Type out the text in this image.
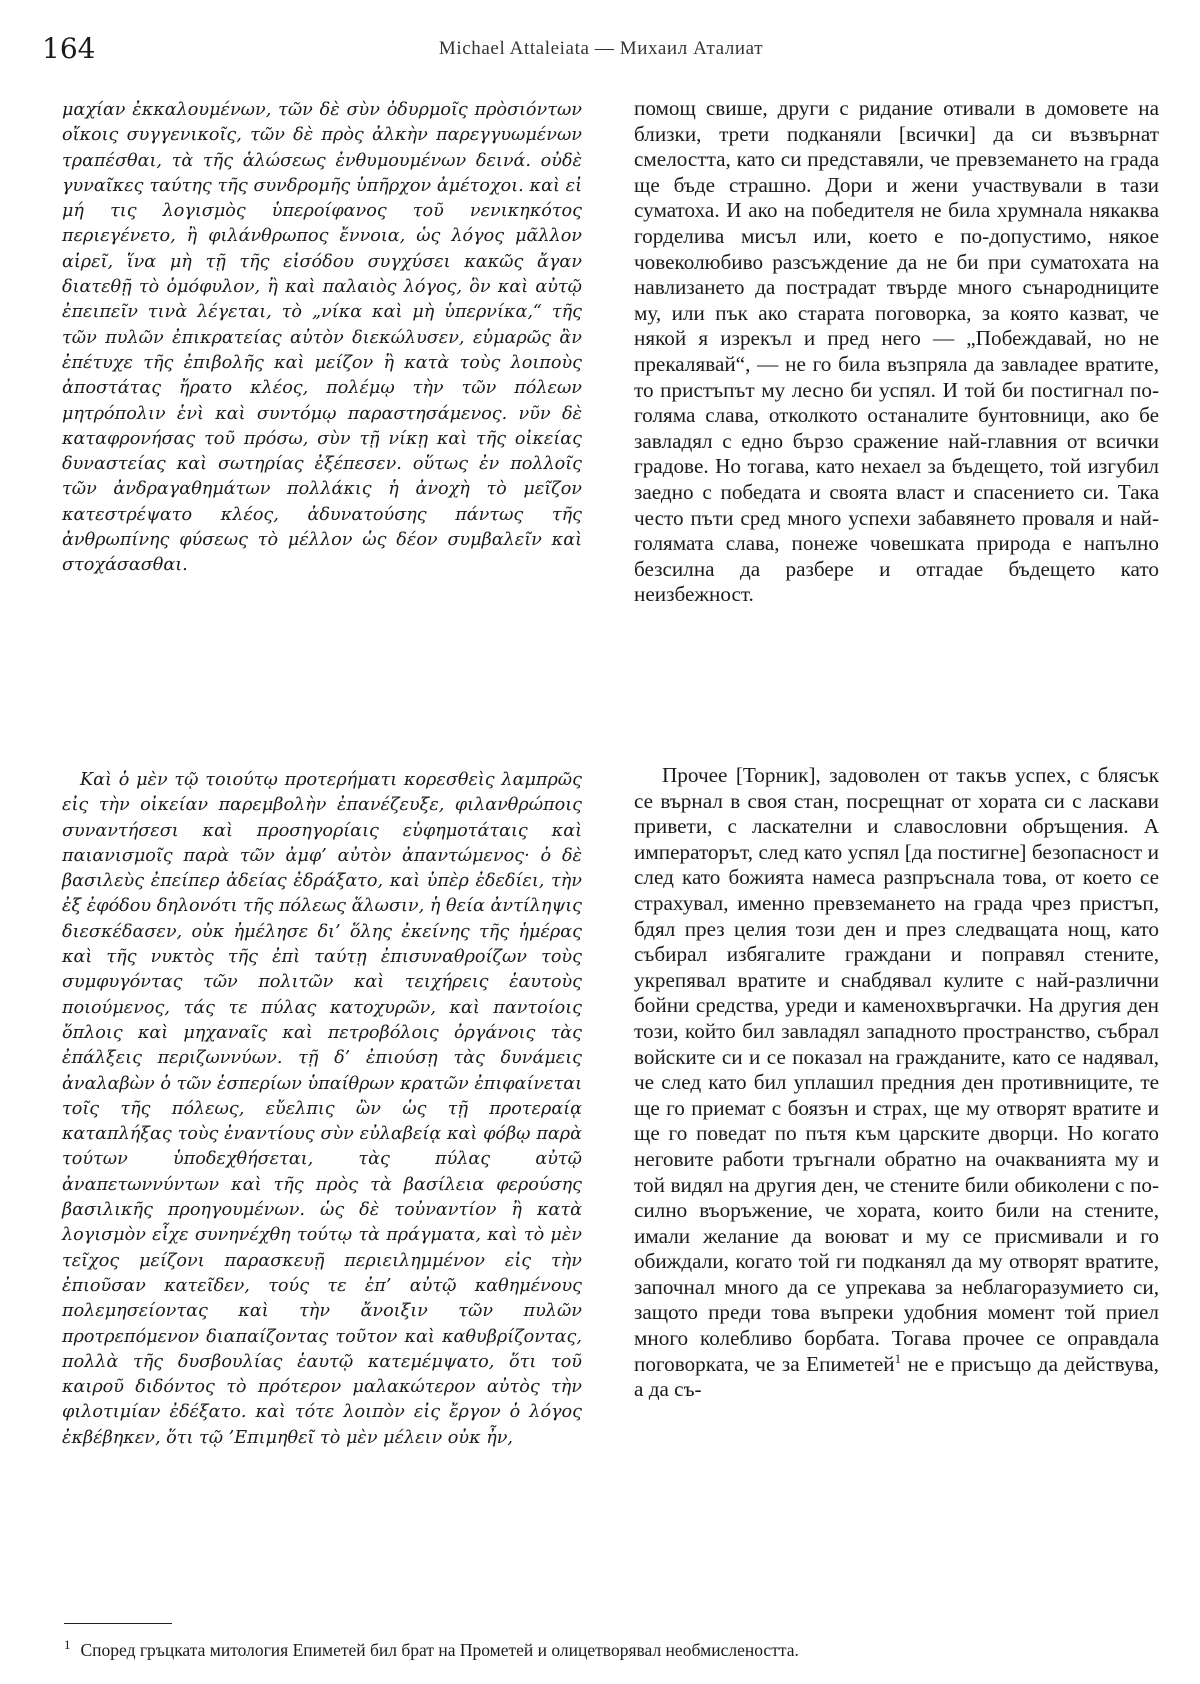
164	Michael Attaleiata — Михаил Аталиат

μαχίαν ἐκκαλουμένων, τῶν δὲ σὺν ὀδυρμοῖς πρὸσιόντων οἴκοις συγγενικοῖς, τῶν δὲ πρὸς ἀλκὴν παρεγγυωμένων τραπέσθαι, τὰ τῆς ἁλώσεως ἐνθυμουμένων δεινά. οὐδὲ γυναῖκες ταύτης τῆς συνδρομῆς ὑπῆρχον ἀμέτοχοι. καὶ εἰ μή τις λογισμὸς ὑπεροίφανος τοῦ νενικηκότος περιεγένετο, ἢ φιλάνθρωπος ἔννοια, ὡς λόγος μᾶλλον αἱρεῖ, ἵνα μὴ τῇ τῆς εἰσόδου συγχύσει κακῶς ἄγαν διατεθῇ τὸ ὁμόφυλον, ἢ καὶ παλαιὸς λόγος, ὃν καὶ αὐτῷ ἐπειπεῖν τινὰ λέγεται, τὸ „νίκα καὶ μὴ ὑπερνίκα,“ τῆς τῶν πυλῶν ἐπικρατείας αὐτὸν διεκώλυσεν, εὐμαρῶς ἂν ἐπέτυχε τῆς ἐπιβολῆς καὶ μείζον ἢ κατὰ τοὺς λοιποὺς ἀποστάτας ἤρατο κλέος, πολέμῳ τὴν τῶν πόλεων μητρόπολιν ἑνὶ καὶ συντόμῳ παραστησάμενος. νῦν δὲ καταφρονήσας τοῦ πρόσω, σὺν τῇ νίκῃ καὶ τῆς οἰκείας δυναστείας καὶ σωτηρίας ἐξέπεσεν. οὕτως ἐν πολλοῖς τῶν ἀνδραγαθημάτων πολλάκις ἡ ἀνοχὴ τὸ μεῖζον κατεστρέψατο κλέος, ἀδυνατούσης πάντως τῆς ἀνθρωπίνης φύσεως τὸ μέλλον ὡς δέον συμβαλεῖν καὶ στοχάσασθαι.

Καὶ ὁ μὲν τῷ τοιούτῳ προτερήματι κορεσθεὶς λαμπρῶς εἰς τὴν οἰκείαν παρεμβολὴν ἐπανέζευξε, φιλανθρώποις συναντήσεσι καὶ προσηγορίαις εὐφημοτάταις καὶ παιανισμοῖς παρὰ τῶν ἀμφ’ αὐτὸν ἀπαντώμενος· ὁ δὲ βασιλεὺς ἐπείπερ ἀδείας ἐδράξατο, καὶ ὑπὲρ ἐδεδίει, τὴν ἐξ ἐφόδου δηλονότι τῆς πόλεως ἅλωσιν, ἡ θεία ἀντίληψις διεσκέδασεν, οὐκ ἠμέλησε δι’ ὅλης ἐκείνης τῆς ἡμέρας καὶ τῆς νυκτὸς τῆς ἐπὶ ταύτῃ ἐπισυναθροίζων τοὺς συμφυγόντας τῶν πολιτῶν καὶ τειχήρεις ἑαυτοὺς ποιούμενος, τάς τε πύλας κατοχυρῶν, καὶ παντοίοις ὅπλοις καὶ μηχαναῖς καὶ πετροβόλοις ὀργάνοις τὰς ἐπάλξεις περιζωννύων. τῇ δ’ ἐπιούσῃ τὰς δυνάμεις ἀναλαβὼν ὁ τῶν ἑσπερίων ὑπαίθρων κρατῶν ἐπιφαίνεται τοῖς τῆς πόλεως, εὔελπις ὢν ὡς τῇ προτεραίᾳ καταπλήξας τοὺς ἐναντίους σὺν εὐλαβείᾳ καὶ φόβῳ παρὰ τούτων ὑποδεχθήσεται, τὰς πύλας αὐτῷ ἀναπετωννύντων καὶ τῆς πρὸς τὰ βασίλεια φερούσης βασιλικῆς προηγουμένων. ὡς δὲ τοὐναντίον ἢ κατὰ λογισμὸν εἶχε συνηνέχθη τούτῳ τὰ πράγματα, καὶ τὸ μὲν τεῖχος μείζονι παρασκευῇ περιειλημμένον εἰς τὴν ἐπιοῦσαν κατεῖδεν, τούς τε ἐπ’ αὐτῷ καθημένους πολεμησείοντας καὶ τὴν ἄνοιξιν τῶν πυλῶν προτρεπόμενον διαπαίζοντας τοῦτον καὶ καθυβρίζοντας, πολλὰ τῆς δυσβουλίας ἑαυτῷ κατεμέμψατο, ὅτι τοῦ καιροῦ διδόντος τὸ πρότερον μαλακώτερον αὐτὸς τὴν φιλοτιμίαν ἐδέξατο. καὶ τότε λοιπὸν εἰς ἔργον ὁ λόγος ἐκβέβηκεν, ὅτι τῷ ’Επιμηθεῖ τὸ μὲν μέλειν οὐκ ἦν,

помощ свише, други с ридание отивали в домовете на близки, трети подканяли [всички] да си възвърнат смелостта, като си представяли, че превземането на града ще бъде страшно. Дори и жени участвували в тази суматоха. И ако на победителя не била хрумнала някаква горделива мисъл или, което е по-допустимо, някое човеколюбиво разсъждение да не би при суматохата на навлизането да пострадат твърде много сънародниците му, или пък ако старата поговорка, за която казват, че някой я изрекъл и пред него — „Побеждавай, но не прекалявай“, — не го била възпряла да завладее вратите, то пристъпът му лесно би успял. И той би постигнал по-голяма слава, отколкото останалите бунтовници, ако бе завладял с едно бързо сражение най-главния от всички градове. Но тогава, като нехаел за бъдещето, той изгубил заедно с победата и своята власт и спасението си. Така често пъти сред много успехи забавянето проваля и най-голямата слава, понеже човешката природа е напълно безсилна да разбере и отгадае бъдещето като неизбежност.

Прочее [Торник], задоволен от такъв успех, с блясък се върнал в своя стан, посрещнат от хората си с ласкави привети, с ласкателни и славословни обръщения. А императорът, след като успял [да постигне] безопасност и след като божията намеса разпръснала това, от което се страхувал, именно превземането на града чрез пристъп, бдял през целия този ден и през следващата нощ, като събирал избягалите граждани и поправял стените, укрепявал вратите и снабдявал кулите с най-различни бойни средства, уреди и каменохвъргачки. На другия ден този, който бил завладял западното пространство, събрал войските си и се показал на гражданите, като се надявал, че след като бил уплашил предния ден противниците, те ще го приемат с боязън и страх, ще му отворят вратите и ще го поведат по пътя към царските дворци. Но когато неговите работи тръгнали обратно на очакванията му и той видял на другия ден, че стените били обиколени с по-силно въоръжение, че хората, които били на стените, имали желание да воюват и му се присмивали и го обиждали, когато той ги подканял да му отворят вратите, започнал много да се упрекава за неблагоразумието си, защото преди това въпреки удобния момент той приел много колебливо борбата. Тогава прочее се оправдала поговорката, че за Епиметей$^1$ не е присъщо да действува, а да съ-

$^1$ Според гръцката митология Епиметей бил брат на Прометей и олицетворявал необмислеността.
